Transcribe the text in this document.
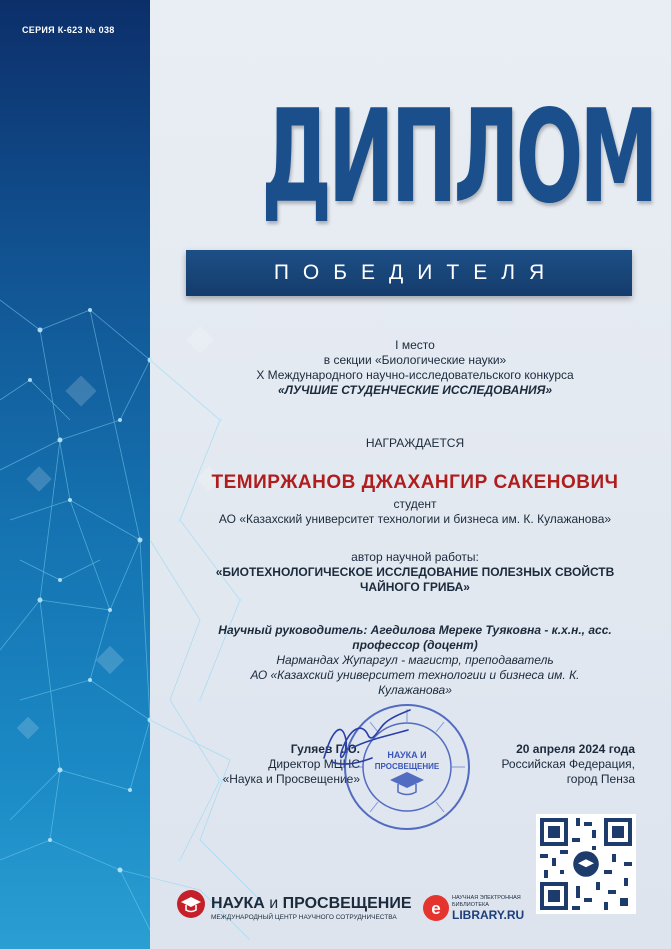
СЕРИЯ К-623 № 038
ДИПЛОМ
ПОБЕДИТЕЛЯ
I место
в секции «Биологические науки»
X Международного научно-исследовательского конкурса
«ЛУЧШИЕ СТУДЕНЧЕСКИЕ ИССЛЕДОВАНИЯ»
НАГРАЖДАЕТСЯ
ТЕМИРЖАНОВ ДЖАХАНГИР САКЕНОВИЧ
студент
АО «Казахский университет технологии и бизнеса им. К. Кулажанова»
автор научной работы:
«БИОТЕХНОЛОГИЧЕСКОЕ ИССЛЕДОВАНИЕ ПОЛЕЗНЫХ СВОЙСТВ
ЧАЙНОГО ГРИБА»
Научный руководитель: Агедилова Мереке Туяковна - к.х.н., асс.
профессор (доцент)
Нармандах Жупаргул - магистр, преподаватель
АО «Казахский университет технологии и бизнеса им. К.
Кулажанова»
Гуляев Г.Ю.
Директор МЦНС
«Наука и Просвещение»
20 апреля 2024 года
Российская Федерация,
город Пенза
НАУКА И
ПРОСВЕЩЕНИЕ
НАУКА и ПРОСВЕЩЕНИЕ
МЕЖДУНАРОДНЫЙ ЦЕНТР НАУЧНОГО СОТРУДНИЧЕСТВА e
НАУЧНАЯ ЭЛЕКТРОННАЯ
БИБЛИОТЕКА
LIBRARY.RU
